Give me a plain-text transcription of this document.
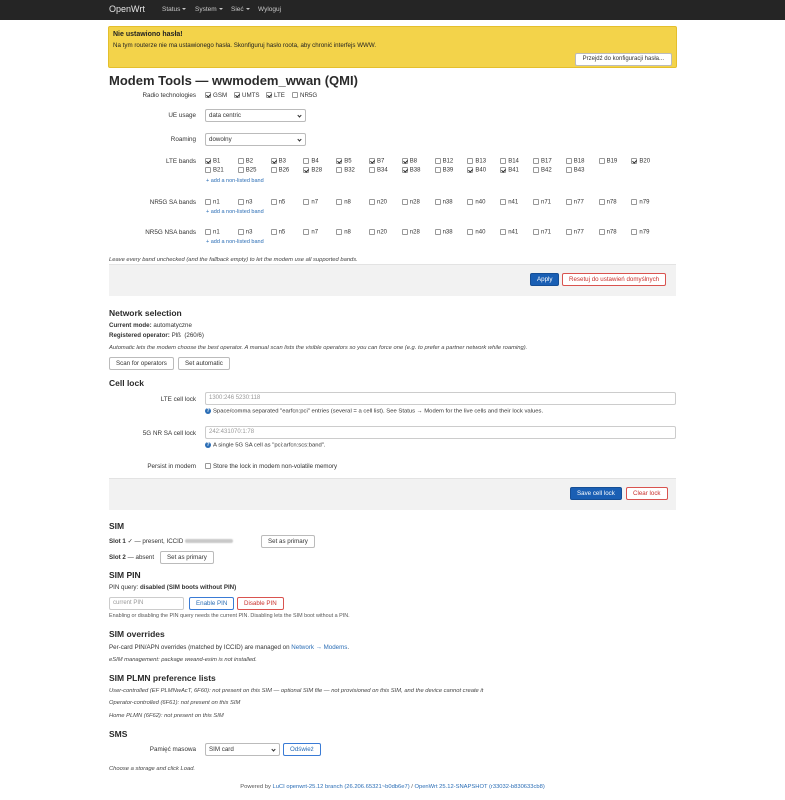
OpenWrt	Status	System	Sieć	Wyloguj
Nie ustawiono hasła!
Na tym routerze nie ma ustawionego hasła. Skonfiguruj hasło roota, aby chronić interfejs WWW.
Przejdź do konfiguracji hasła...
Modem Tools — wwmodem_wwan (QMI)
Radio technologies	GSM	UMTS	LTE	NR5G
UE usage	data centric
Roaming	dowolny
LTE bands	B1	B2	B3	B4	B5	B7	B8	B12	B13	B14	B17	B18	B19	B20
B21	B25	B26	B28	B32	B34	B38	B39	B40	B41	B42	B43
+ add a non-listed band
NR5G SA bands	n1	n3	n5	n7	n8	n20	n28	n38	n40	n41	n71	n77	n78	n79
+ add a non-listed band
NR5G NSA bands	n1	n3	n5	n7	n8	n20	n28	n38	n40	n41	n71	n77	n78	n79
+ add a non-listed band
Leave every band unchecked (and the fallback empty) to let the modem use all supported bands.
Apply	Resetuj do ustawień domyślnych
Network selection
Current mode: automatyczne
Registered operator: Plß ⁠ (260/6)
Automatic lets the modem choose the best operator. A manual scan lists the visible operators so you can force one (e.g. to prefer a partner network while roaming).
Scan for operators	Set automatic
Cell lock
LTE cell lock	1300:246 5230:118
? Space/comma separated "earfcn:pci" entries (several = a cell list). See Status → Modem for the live cells and their lock values.
5G NR SA cell lock	242:431070:1:78
? A single 5G SA cell as "pci:arfcn:scs:band".
Persist in modem	Store the lock in modem non-volatile memory
Save cell lock	Clear lock
SIM
Slot 1 ✓ — present, ICCID	Set as primary
Slot 2 — absent	Set as primary
SIM PIN
PIN query: disabled (SIM boots without PIN)
current PIN	Enable PIN	Disable PIN
Enabling or disabling the PIN query needs the current PIN. Disabling lets the SIM boot without a PIN.
SIM overrides
Per-card PIN/APN overrides (matched by ICCID) are managed on Network → Modems.
eSIM management: package wwand-esim is not installed.
SIM PLMN preference lists
User-controlled (EF PLMNwAcT, 6F60): not present on this SIM — optional SIM file — not provisioned on this SIM, and the device cannot create it
Operator-controlled (6F61): not present on this SIM
Home PLMN (6F62): not present on this SIM
SMS
Pamięć masowa	SIM card	Odśwież
Choose a storage and click Load.
Powered by LuCI openwrt-25.12 branch (26.206.65321~b0db6e7) / OpenWrt 25.12-SNAPSHOT (r33032-b830633cb8)
